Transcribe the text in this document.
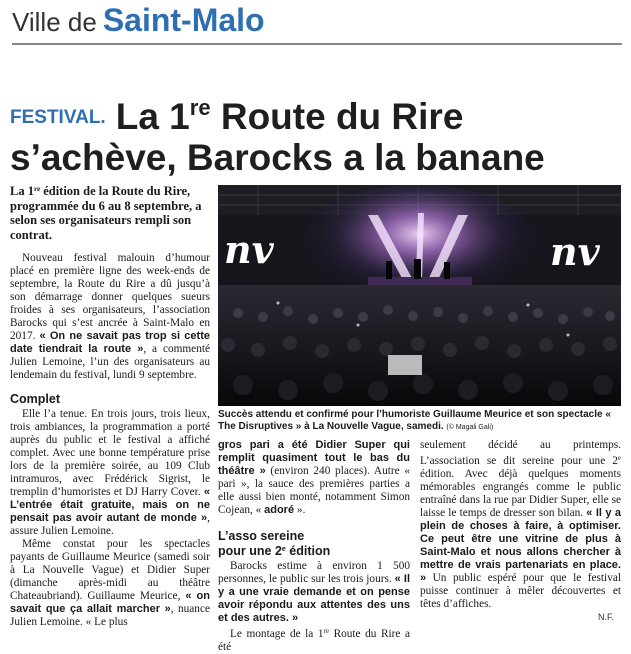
Ville de Saint-Malo
FESTIVAL. La 1re Route du Rire
s’achève, Barocks a la banane

La 1re édition de la Route du Rire, programmée du 6 au 8 septembre, a selon ses organisateurs rempli son contrat.

Nouveau festival malouin d’humour placé en première ligne des week-ends de septembre, la Route du Rire a dû jusqu’à son démarrage donner quelques sueurs froides à ses organisateurs, l’association Barocks qui s’est ancrée à Saint-Malo en 2017. « On ne savait pas trop si cette date tiendrait la route », a commenté Julien Lemoine, l’un des organisateurs au lendemain du festival, lundi 9 septembre.

Complet

Elle l’a tenue. En trois jours, trois lieux, trois ambiances, la programmation a porté auprès du public et le festival a affiché complet. Avec une bonne température prise lors de la première soirée, au 109 Club intramuros, avec Frédérick Sigrist, le tremplin d’humoristes et DJ Harry Cover. « L’entrée était gratuite, mais on ne pensait pas avoir autant de monde », assure Julien Lemoine.

Même constat pour les spectacles payants de Guillaume Meurice (samedi soir à La Nouvelle Vague) et Didier Super (dimanche après-midi au théâtre Chateaubriand). Guillaume Meurice, « on savait que ça allait marcher », nuance Julien Lemoine. « Le plus

nv	nv
Succès attendu et confirmé pour l’humoriste Guillaume Meurice et son spectacle « The Disruptives » à La Nouvelle Vague, samedi. (© Magali Gali)

gros pari a été Didier Super qui remplit quasiment tout le bas du théâtre » (environ 240 places). Autre « pari », la sauce des premières parties a elle aussi bien monté, notamment Simon Cojean, « adoré ».

L’asso sereine
pour une 2e édition

Barocks estime à environ 1 500 personnes, le public sur les trois jours. « Il y a une vraie demande et on pense avoir répondu aux attentes des uns et des autres. »

Le montage de la 1re Route du Rire a été

seulement décidé au printemps. L’association se dit sereine pour une 2e édition. Avec déjà quelques moments mémorables engrangés comme le public entraîné dans la rue par Didier Super, elle se laisse le temps de dresser son bilan. « Il y a plein de choses à faire, à optimiser. Ce peut être une vitrine de plus à Saint-Malo et nous allons chercher à mettre de vrais partenariats en place. » Un public espéré pour que le festival puisse continuer à mêler découvertes et têtes d’affiches.

N.F.
